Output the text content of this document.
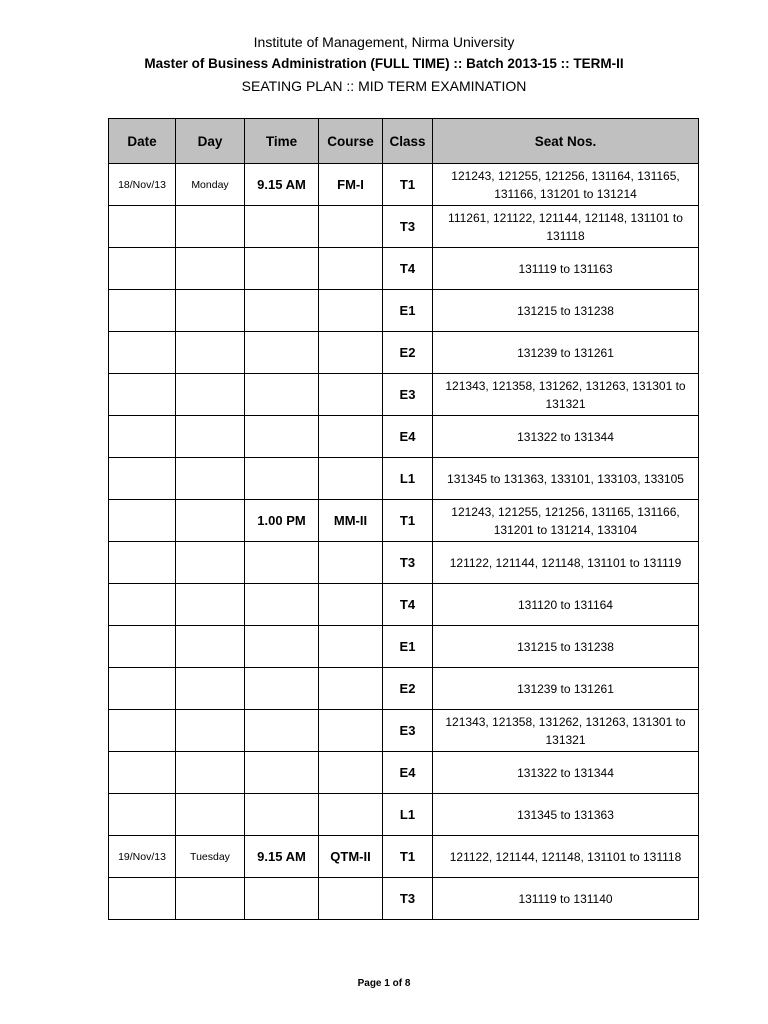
Institute of Management, Nirma University
Master of Business Administration (FULL TIME) :: Batch 2013-15 :: TERM-II
SEATING PLAN :: MID TERM EXAMINATION
Date	Day	Time	Course	Class	Seat Nos.
18/Nov/13	Monday	9.15 AM	FM-I	T1	121243, 121255, 121256, 131164, 131165, 131166, 131201 to 131214
				T3	111261, 121122, 121144, 121148, 131101 to 131118
				T4	131119 to 131163
				E1	131215 to 131238
				E2	131239 to 131261
				E3	121343, 121358, 131262, 131263, 131301 to 131321
				E4	131322 to 131344
				L1	131345 to 131363, 133101, 133103, 133105
		1.00 PM	MM-II	T1	121243, 121255, 121256, 131165, 131166, 131201 to 131214, 133104
				T3	121122, 121144, 121148, 131101 to 131119
				T4	131120 to 131164
				E1	131215 to 131238
				E2	131239 to 131261
				E3	121343, 121358, 131262, 131263, 131301 to 131321
				E4	131322 to 131344
				L1	131345 to 131363
19/Nov/13	Tuesday	9.15 AM	QTM-II	T1	121122, 121144, 121148, 131101 to 131118
				T3	131119 to 131140
Page 1 of 8
